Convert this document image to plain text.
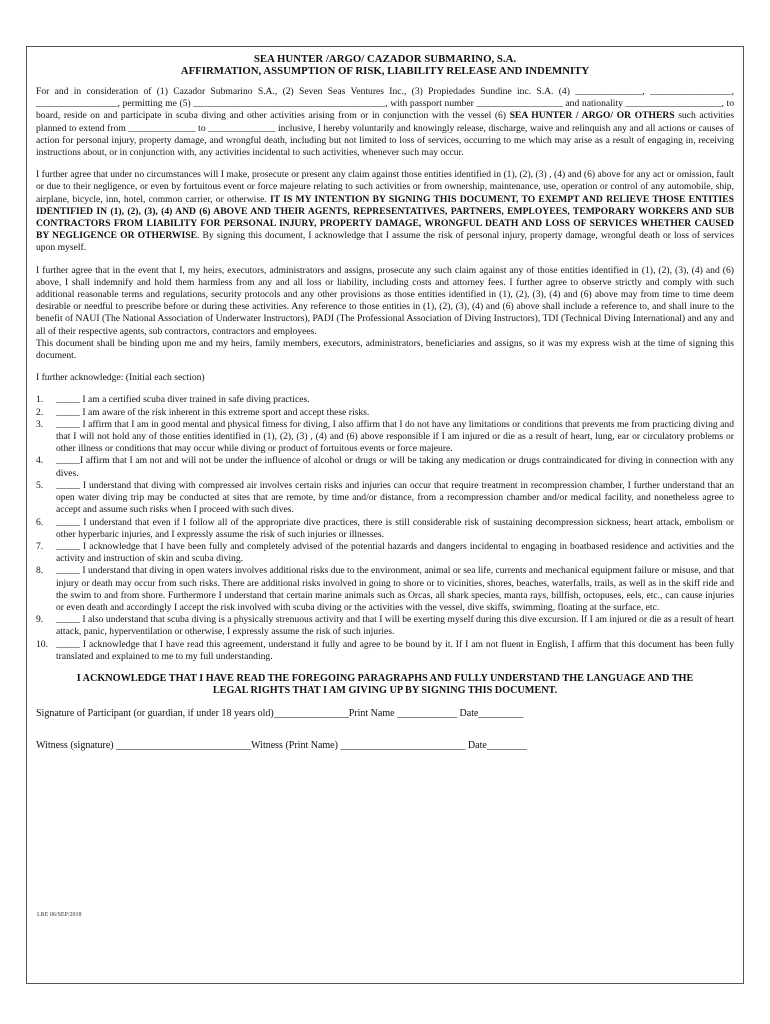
SEA HUNTER /ARGO/ CAZADOR SUBMARINO, S.A.

AFFIRMATION, ASSUMPTION OF RISK, LIABILITY RELEASE AND INDEMNITY

For and in consideration of (1) Cazador Submarino S.A., (2) Seven Seas Ventures Inc., (3) Propiedades Sundine inc. S.A. (4) ______________, _________________, _________________, permitting me (5) ________________________________________, with passport number __________________ and nationality ____________________, to board, reside on and participate in scuba diving and other activities arising from or in conjunction with the vessel (6) SEA HUNTER / ARGO/ OR OTHERS such activities planned to extend from ______________ to ______________ inclusive, I hereby voluntarily and knowingly release, discharge, waive and relinquish any and all actions or causes of action for personal injury, property damage, and wrongful death, including but not limited to loss of services, occurring to me which may arise as a result of engaging in, receiving instructions about, or in conjunction with, any activities incidental to such activities, whenever such may occur.

I further agree that under no circumstances will I make, prosecute or present any claim against those entities identified in (1), (2), (3) , (4) and (6) above for any act or omission, fault or due to their negligence, or even by fortuitous event or force majeure relating to such activities or from ownership, maintenance, use, operation or control of any automobile, ship, airplane, bicycle, inn, hotel, common carrier, or otherwise. IT IS MY INTENTION BY SIGNING THIS DOCUMENT, TO EXEMPT AND RELIEVE THOSE ENTITIES IDENTIFIED IN (1), (2), (3), (4) AND (6) ABOVE AND THEIR AGENTS, REPRESENTATIVES, PARTNERS, EMPLOYEES, TEMPORARY WORKERS AND SUB CONTRACTORS FROM LIABILITY FOR PERSONAL INJURY, PROPERTY DAMAGE, WRONGFUL DEATH AND LOSS OF SERVICES WHETHER CAUSED BY NEGLIGENCE OR OTHERWISE. By signing this document, I acknowledge that I assume the risk of personal injury, property damage, wrongful death or loss of services upon myself.

I further agree that in the event that I, my heirs, executors, administrators and assigns, prosecute any such claim against any of those entities identified in (1), (2), (3), (4) and (6) above, I shall indemnify and hold them harmless from any and all loss or liability, including costs and attorney fees. I further agree to observe strictly and comply with such additional reasonable terms and regulations, security protocols and any other provisions as those entities identified in (1), (2), (3), (4) and (6) above may from time to time deem desirable or needful to prescribe before or during these activities. Any reference to those entities in (1), (2), (3), (4) and (6) above shall include a reference to, and shall inure to the benefit of NAUI (The National Association of Underwater Instructors), PADI (The Professional Association of Diving Instructors), TDI (Technical Diving International) and any and all of their respective agents, sub contractors, contractors and employees.

This document shall be binding upon me and my heirs, family members, executors, administrators, beneficiaries and assigns, so it was my express wish at the time of signing this document.

I further acknowledge: (Initial each section)

1.	_____ I am a certified scuba diver trained in safe diving practices.
2.	_____ I am aware of the risk inherent in this extreme sport and accept these risks.
3.	_____ I affirm that I am in good mental and physical fitness for diving, I also affirm that I do not have any limitations or conditions that prevents me from practicing diving and that I will not hold any of those entities identified in (1), (2), (3) , (4) and (6) above responsible if I am injured or die as a result of heart, lung, ear or circulatory problems or other illness or conditions that may occur while diving or product of fortuitous events or force majeure.
4.	_____I affirm that I am not and will not be under the influence of alcohol or drugs or will be taking any medication or drugs contraindicated for diving in connection with any dives.
5.	_____ I understand that diving with compressed air involves certain risks and injuries can occur that require treatment in recompression chamber, I further understand that an open water diving trip may be conducted at sites that are remote, by time and/or distance, from a recompression chamber and/or medical facility, and nonetheless agree to accept and assume such risks when I proceed with such dives.
6.	_____ I understand that even if I follow all of the appropriate dive practices, there is still considerable risk of sustaining decompression sickness, heart attack, embolism or other hyperbaric injuries, and I expressly assume the risk of such injuries or illnesses.
7.	_____ I acknowledge that I have been fully and completely advised of the potential hazards and dangers incidental to engaging in boatbased residence and activities and the activity and instruction of skin and scuba diving.
8.	_____ I understand that diving in open waters involves additional risks due to the environment, animal or sea life, currents and mechanical equipment failure or misuse, and that injury or death may occur from such risks. There are additional risks involved in going to shore or to vicinities, shores, beaches, waterfalls, trails, as well as in the skiff ride and the swim to and from shore. Furthermore I understand that certain marine animals such as Orcas, all shark species, manta rays, billfish, octopuses, eels, etc., can cause injuries or even death and accordingly I accept the risk involved with scuba diving or the activities with the vessel, dive skiffs, swimming, floating at the surface, etc.
9.	_____ I also understand that scuba diving is a physically strenuous activity and that I will be exerting myself during this dive excursion. If I am injured or die as a result of heart attack, panic, hyperventilation or otherwise, I expressly assume the risk of such injuries.
10. _____ I acknowledge that I have read this agreement, understand it fully and agree to be bound by it. If I am not fluent in English, I affirm that this document has been fully translated and explained to me to my full understanding.

I ACKNOWLEDGE THAT I HAVE READ THE FOREGOING PARAGRAPHS AND FULLY UNDERSTAND THE LANGUAGE AND THE LEGAL RIGHTS THAT I AM GIVING UP BY SIGNING THIS DOCUMENT.

Signature of Participant (or guardian, if under 18 years old)_______________Print Name ____________ Date_________

Witness (signature) ___________________________Witness (Print Name) _________________________ Date________

LRE 06/SEP/2018
